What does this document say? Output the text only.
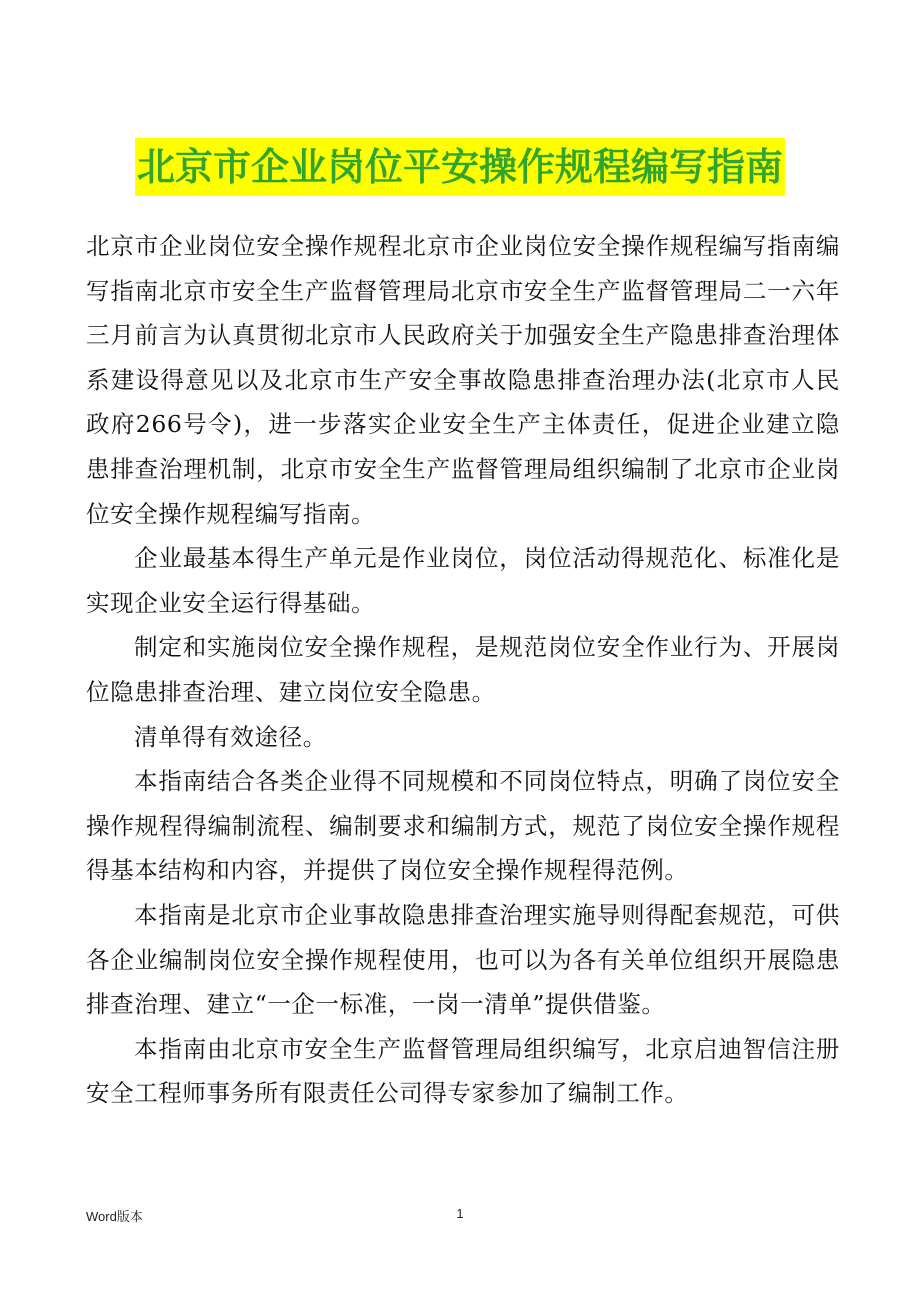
北京市企业岗位平安操作规程编写指南

北京市企业岗位安全操作规程北京市企业岗位安全操作规程编写指南编写指南北京市安全生产监督管理局北京市安全生产监督管理局二一六年三月前言为认真贯彻北京市人民政府关于加强安全生产隐患排查治理体系建设得意见以及北京市生产安全事故隐患排查治理办法(北京市人民政府266号令)，进一步落实企业安全生产主体责任，促进企业建立隐患排查治理机制，北京市安全生产监督管理局组织编制了北京市企业岗位安全操作规程编写指南。

企业最基本得生产单元是作业岗位，岗位活动得规范化、标准化是实现企业安全运行得基础。

制定和实施岗位安全操作规程，是规范岗位安全作业行为、开展岗位隐患排查治理、建立岗位安全隐患。

清单得有效途径。

本指南结合各类企业得不同规模和不同岗位特点，明确了岗位安全操作规程得编制流程、编制要求和编制方式，规范了岗位安全操作规程得基本结构和内容，并提供了岗位安全操作规程得范例。

本指南是北京市企业事故隐患排查治理实施导则得配套规范，可供各企业编制岗位安全操作规程使用，也可以为各有关单位组织开展隐患排查治理、建立“一企一标准，一岗一清单”提供借鉴。

本指南由北京市安全生产监督管理局组织编写，北京启迪智信注册安全工程师事务所有限责任公司得专家参加了编制工作。

Word版本	1
